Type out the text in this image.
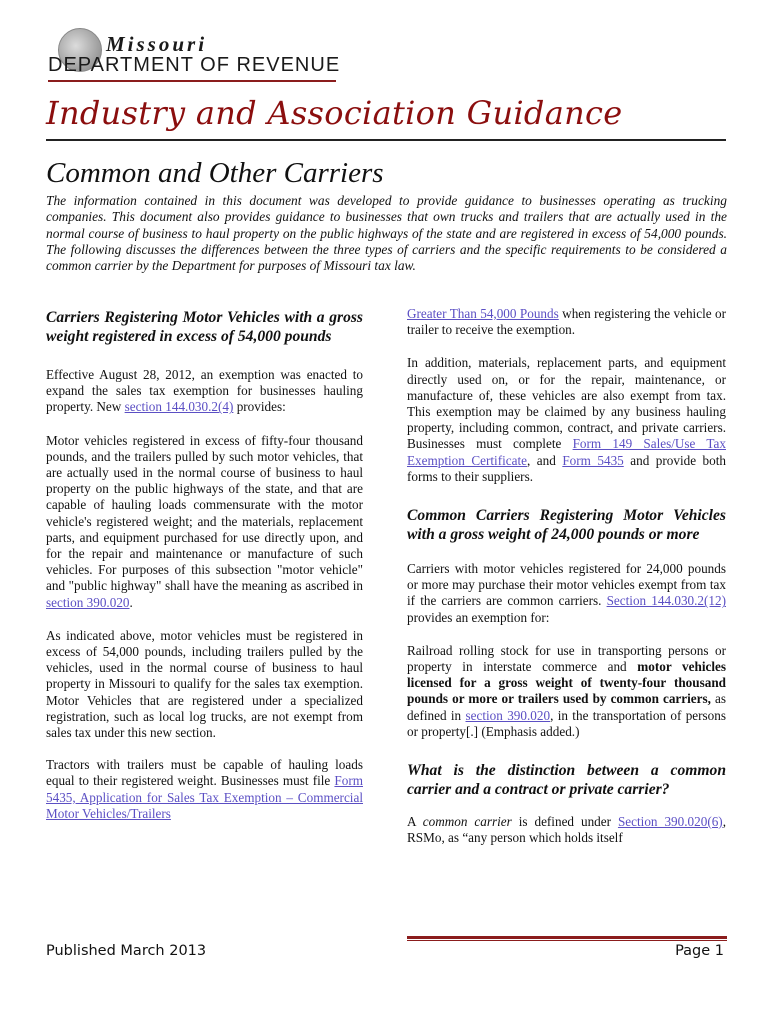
Missouri
DEPARTMENT OF REVENUE
Industry and Association Guidance
Common and Other Carriers
The information contained in this document was developed to provide guidance to businesses operating as trucking companies. This document also provides guidance to businesses that own trucks and trailers that are actually used in the normal course of business to haul property on the public highways of the state and are registered in excess of 54,000 pounds. The following discusses the differences between the three types of carriers and the specific requirements to be considered a common carrier by the Department for purposes of Missouri tax law.
Carriers Registering Motor Vehicles with a gross weight registered in excess of 54,000 pounds

Effective August 28, 2012, an exemption was enacted to expand the sales tax exemption for businesses hauling property. New section 144.030.2(4) provides:

Motor vehicles registered in excess of fifty-four thousand pounds, and the trailers pulled by such motor vehicles, that are actually used in the normal course of business to haul property on the public highways of the state, and that are capable of hauling loads commensurate with the motor vehicle's registered weight; and the materials, replacement parts, and equipment purchased for use directly upon, and for the repair and maintenance or manufacture of such vehicles. For purposes of this subsection "motor vehicle" and "public highway" shall have the meaning as ascribed in section 390.020.

As indicated above, motor vehicles must be registered in excess of 54,000 pounds, including trailers pulled by the vehicles, used in the normal course of business to haul property in Missouri to qualify for the sales tax exemption. Motor Vehicles that are registered under a specialized registration, such as local log trucks, are not exempt from sales tax under this new section.

Tractors with trailers must be capable of hauling loads equal to their registered weight. Businesses must file Form 5435, Application for Sales Tax Exemption – Commercial Motor Vehicles/Trailers

Greater Than 54,000 Pounds when registering the vehicle or trailer to receive the exemption.

In addition, materials, replacement parts, and equipment directly used on, or for the repair, maintenance, or manufacture of, these vehicles are also exempt from tax. This exemption may be claimed by any business hauling property, including common, contract, and private carriers. Businesses must complete Form 149 Sales/Use Tax Exemption Certificate, and Form 5435 and provide both forms to their suppliers.

Common Carriers Registering Motor Vehicles with a gross weight of 24,000 pounds or more

Carriers with motor vehicles registered for 24,000 pounds or more may purchase their motor vehicles exempt from tax if the carriers are common carriers. Section 144.030.2(12) provides an exemption for:

Railroad rolling stock for use in transporting persons or property in interstate commerce and motor vehicles licensed for a gross weight of twenty-four thousand pounds or more or trailers used by common carriers, as defined in section 390.020, in the transportation of persons or property[.] (Emphasis added.)

What is the distinction between a common carrier and a contract or private carrier?

A common carrier is defined under Section 390.020(6), RSMo, as “any person which holds itself

Published March 2013	Page 1
